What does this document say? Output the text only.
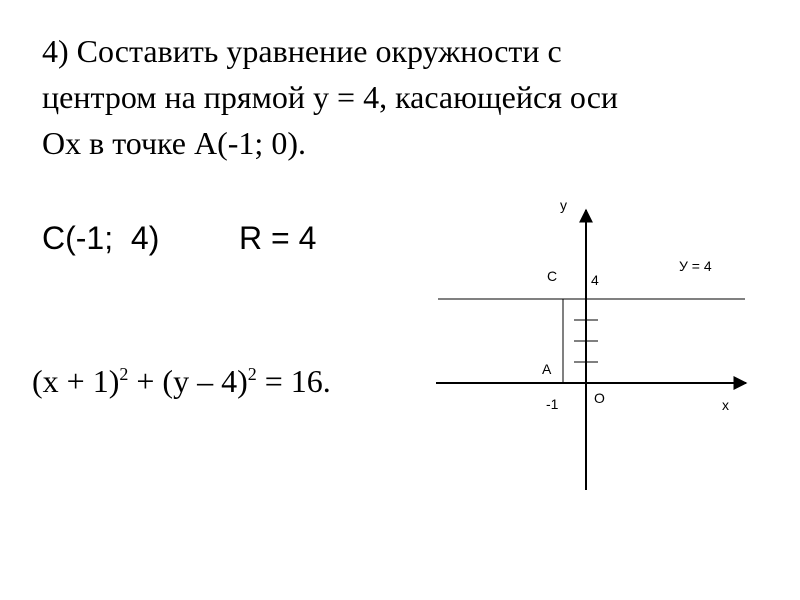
4) Составить уравнение окружности с
центром на прямой y = 4, касающейся оси
Ох в точке А(-1; 0).
С(-1;  4) R = 4
$(x + 1)^2 + (y - 4)^2 = 16$.
y
x
O
C
A
4
-1
У = 4
